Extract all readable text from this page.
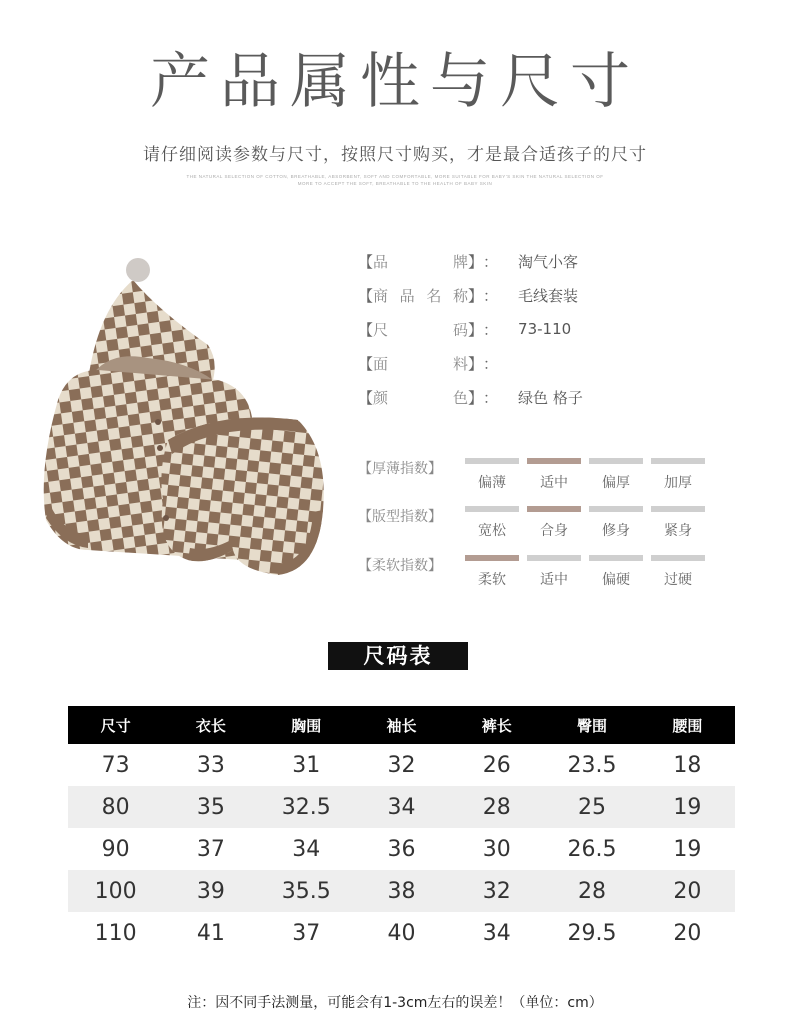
产品属性与尺寸
请仔细阅读参数与尺寸，按照尺寸购买，才是最合适孩子的尺寸
THE NATURAL SELECTION OF COTTON, BREATHABLE, ABSORBENT, SOFT AND COMFORTABLE, MORE SUITABLE FOR BABY'S SKIN THE NATURAL SELECTION OF
MORE TO ACCEPT THE SOFT, BREATHABLE TO THE HEALTH OF BABY SKIN
【 品	牌 】 ： 淘气小客
【 商 品 名 称 】 ： 毛线套装
【 尺	码 】 ： 73-110
【 面	料 】 ：
【 颜	色 】 ： 绿色 格子
【厚薄指数】
偏薄	适中	偏厚	加厚
【版型指数】
宽松	合身	修身	紧身
【柔软指数】
柔软	适中	偏硬	过硬
尺码表
尺寸	衣长	胸围	袖长	裤长	臀围	腰围
73	33	31	32	26	23.5	18
80	35	32.5	34	28	25	19
90	37	34	36	30	26.5	19
100	39	35.5	38	32	28	20
110	41	37	40	34	29.5	20
注：因不同手法测量，可能会有1-3cm左右的误差！（单位：cm）
